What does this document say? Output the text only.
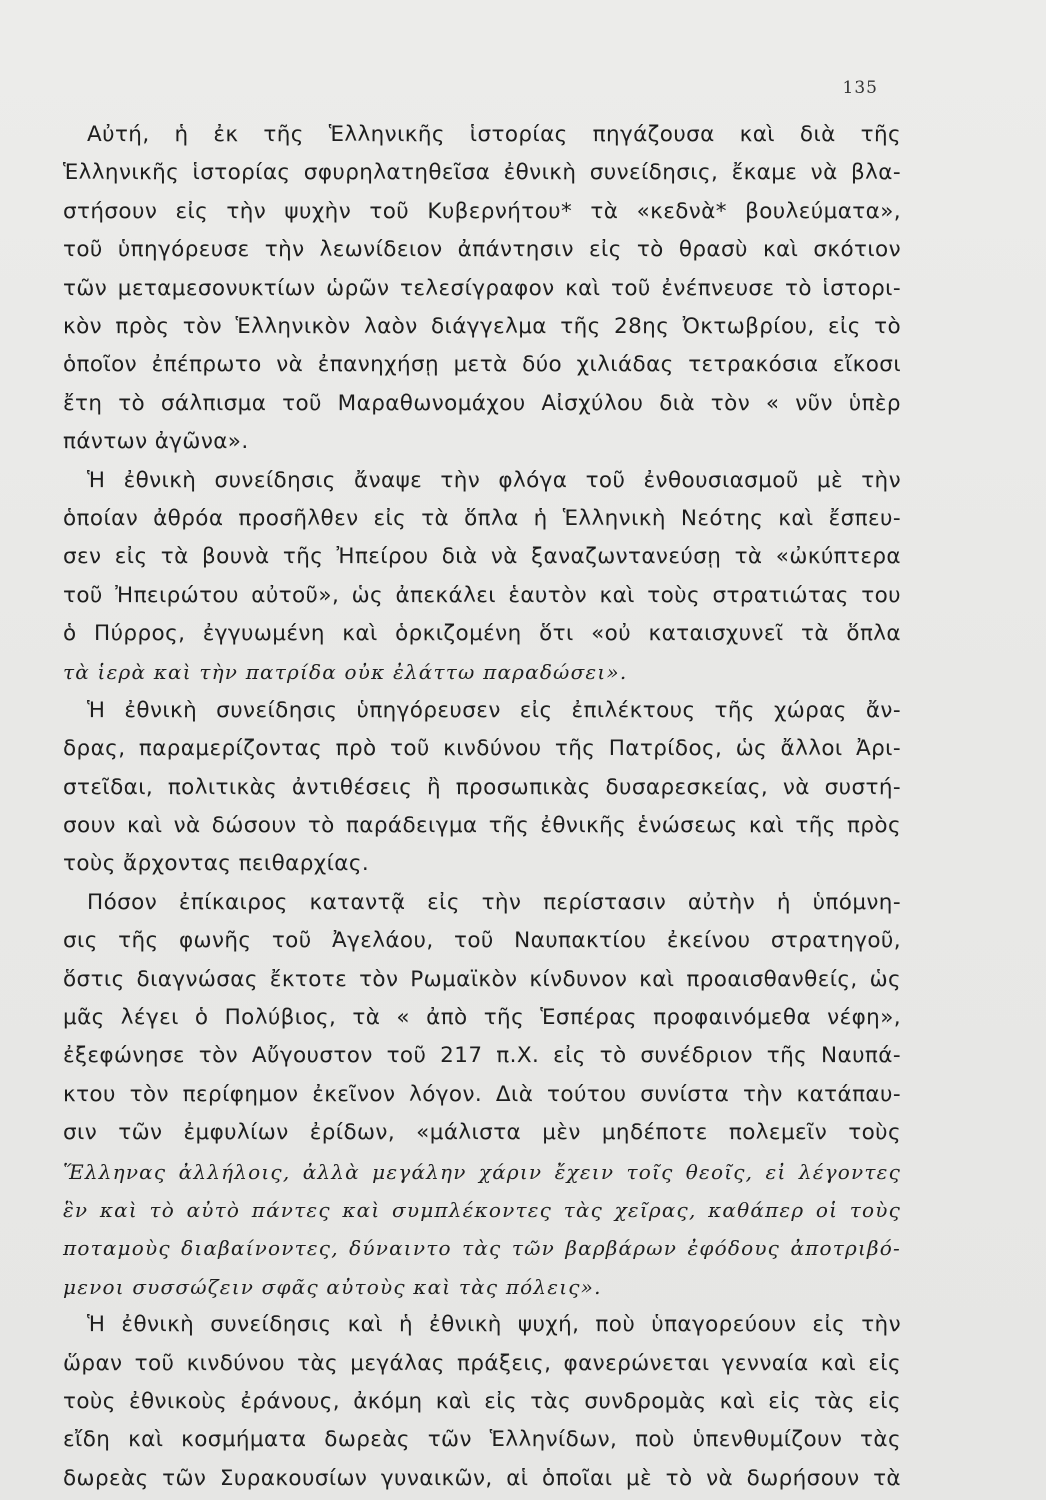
135
Αὐτή, ἡ ἐκ τῆς Ἑλληνικῆς ἱστορίας πηγάζουσα καὶ διὰ τῆς
Ἑλληνικῆς ἱστορίας σφυρηλατηθεῖσα ἐθνικὴ συνείδησις, ἔκαμε νὰ βλα-
στήσουν εἰς τὴν ψυχὴν τοῦ Κυβερνήτου* τὰ «κεδνὰ* βουλεύματα»,
τοῦ ὑπηγόρευσε τὴν λεωνίδειον ἀπάντησιν εἰς τὸ θρασὺ καὶ σκότιον
τῶν μεταμεσονυκτίων ὡρῶν τελεσίγραφον καὶ τοῦ ἐνέπνευσε τὸ ἱστορι-
κὸν πρὸς τὸν Ἑλληνικὸν λαὸν διάγγελμα τῆς 28ης Ὀκτωβρίου, εἰς τὸ
ὁποῖον ἐπέπρωτο νὰ ἐπανηχήσῃ μετὰ δύο χιλιάδας τετρακόσια εἴκοσι
ἔτη τὸ σάλπισμα τοῦ Μαραθωνομάχου Αἰσχύλου διὰ τὸν « νῦν ὑπὲρ
πάντων ἀγῶνα».
Ἡ ἐθνικὴ συνείδησις ἄναψε τὴν φλόγα τοῦ ἐνθουσιασμοῦ μὲ τὴν
ὁποίαν ἀθρόα προσῆλθεν εἰς τὰ ὅπλα ἡ Ἑλληνικὴ Νεότης καὶ ἔσπευ-
σεν εἰς τὰ βουνὰ τῆς Ἠπείρου διὰ νὰ ξαναζωντανεύσῃ τὰ «ὠκύπτερα
τοῦ Ἠπειρώτου αὐτοῦ», ὡς ἀπεκάλει ἑαυτὸν καὶ τοὺς στρατιώτας του
ὁ Πύρρος, ἐγγυωμένη καὶ ὁρκιζομένη ὅτι «οὐ καταισχυνεῖ τὰ ὅπλα
τὰ ἱερὰ καὶ τὴν πατρίδα οὐκ ἐλάττω παραδώσει».
Ἡ ἐθνικὴ συνείδησις ὑπηγόρευσεν εἰς ἐπιλέκτους τῆς χώρας ἄν-
δρας, παραμερίζοντας πρὸ τοῦ κινδύνου τῆς Πατρίδος, ὡς ἄλλοι Ἀρι-
στεῖδαι, πολιτικὰς ἀντιθέσεις ἢ προσωπικὰς δυσαρεσκείας, νὰ συστή-
σουν καὶ νὰ δώσουν τὸ παράδειγμα τῆς ἐθνικῆς ἑνώσεως καὶ τῆς πρὸς
τοὺς ἄρχοντας πειθαρχίας.
Πόσον ἐπίκαιρος καταντᾷ εἰς τὴν περίστασιν αὐτὴν ἡ ὑπόμνη-
σις τῆς φωνῆς τοῦ Ἀγελάου, τοῦ Ναυπακτίου ἐκείνου στρατηγοῦ,
ὅστις διαγνώσας ἔκτοτε τὸν Ρωμαϊκὸν κίνδυνον καὶ προαισθανθείς, ὡς
μᾶς λέγει ὁ Πολύβιος, τὰ « ἀπὸ τῆς Ἑσπέρας προφαινόμεθα νέφη»,
ἐξεφώνησε τὸν Αὔγουστον τοῦ 217 π.Χ. εἰς τὸ συνέδριον τῆς Ναυπά-
κτου τὸν περίφημον ἐκεῖνον λόγον. Διὰ τούτου συνίστα τὴν κατάπαυ-
σιν τῶν ἐμφυλίων ἐρίδων, «μάλιστα μὲν μηδέποτε πολεμεῖν τοὺς
Ἕλληνας ἀλλήλοις, ἀλλὰ μεγάλην χάριν ἔχειν τοῖς θεοῖς, εἰ λέγοντες
ἓν καὶ τὸ αὐτὸ πάντες καὶ συμπλέκοντες τὰς χεῖρας, καθάπερ οἱ τοὺς
ποταμοὺς διαβαίνοντες, δύναιντο τὰς τῶν βαρβάρων ἐφόδους ἀποτριβό-
μενοι συσσώζειν σφᾶς αὐτοὺς καὶ τὰς πόλεις».
Ἡ ἐθνικὴ συνείδησις καὶ ἡ ἐθνικὴ ψυχή, ποὺ ὑπαγορεύουν εἰς τὴν
ὥραν τοῦ κινδύνου τὰς μεγάλας πράξεις, φανερώνεται γενναία καὶ εἰς
τοὺς ἐθνικοὺς ἐράνους, ἀκόμη καὶ εἰς τὰς συνδρομὰς καὶ εἰς τὰς εἰς
εἴδη καὶ κοσμήματα δωρεὰς τῶν Ἑλληνίδων, ποὺ ὑπενθυμίζουν τὰς
δωρεὰς τῶν Συρακουσίων γυναικῶν, αἱ ὁποῖαι μὲ τὸ νὰ δωρήσουν τὰ
